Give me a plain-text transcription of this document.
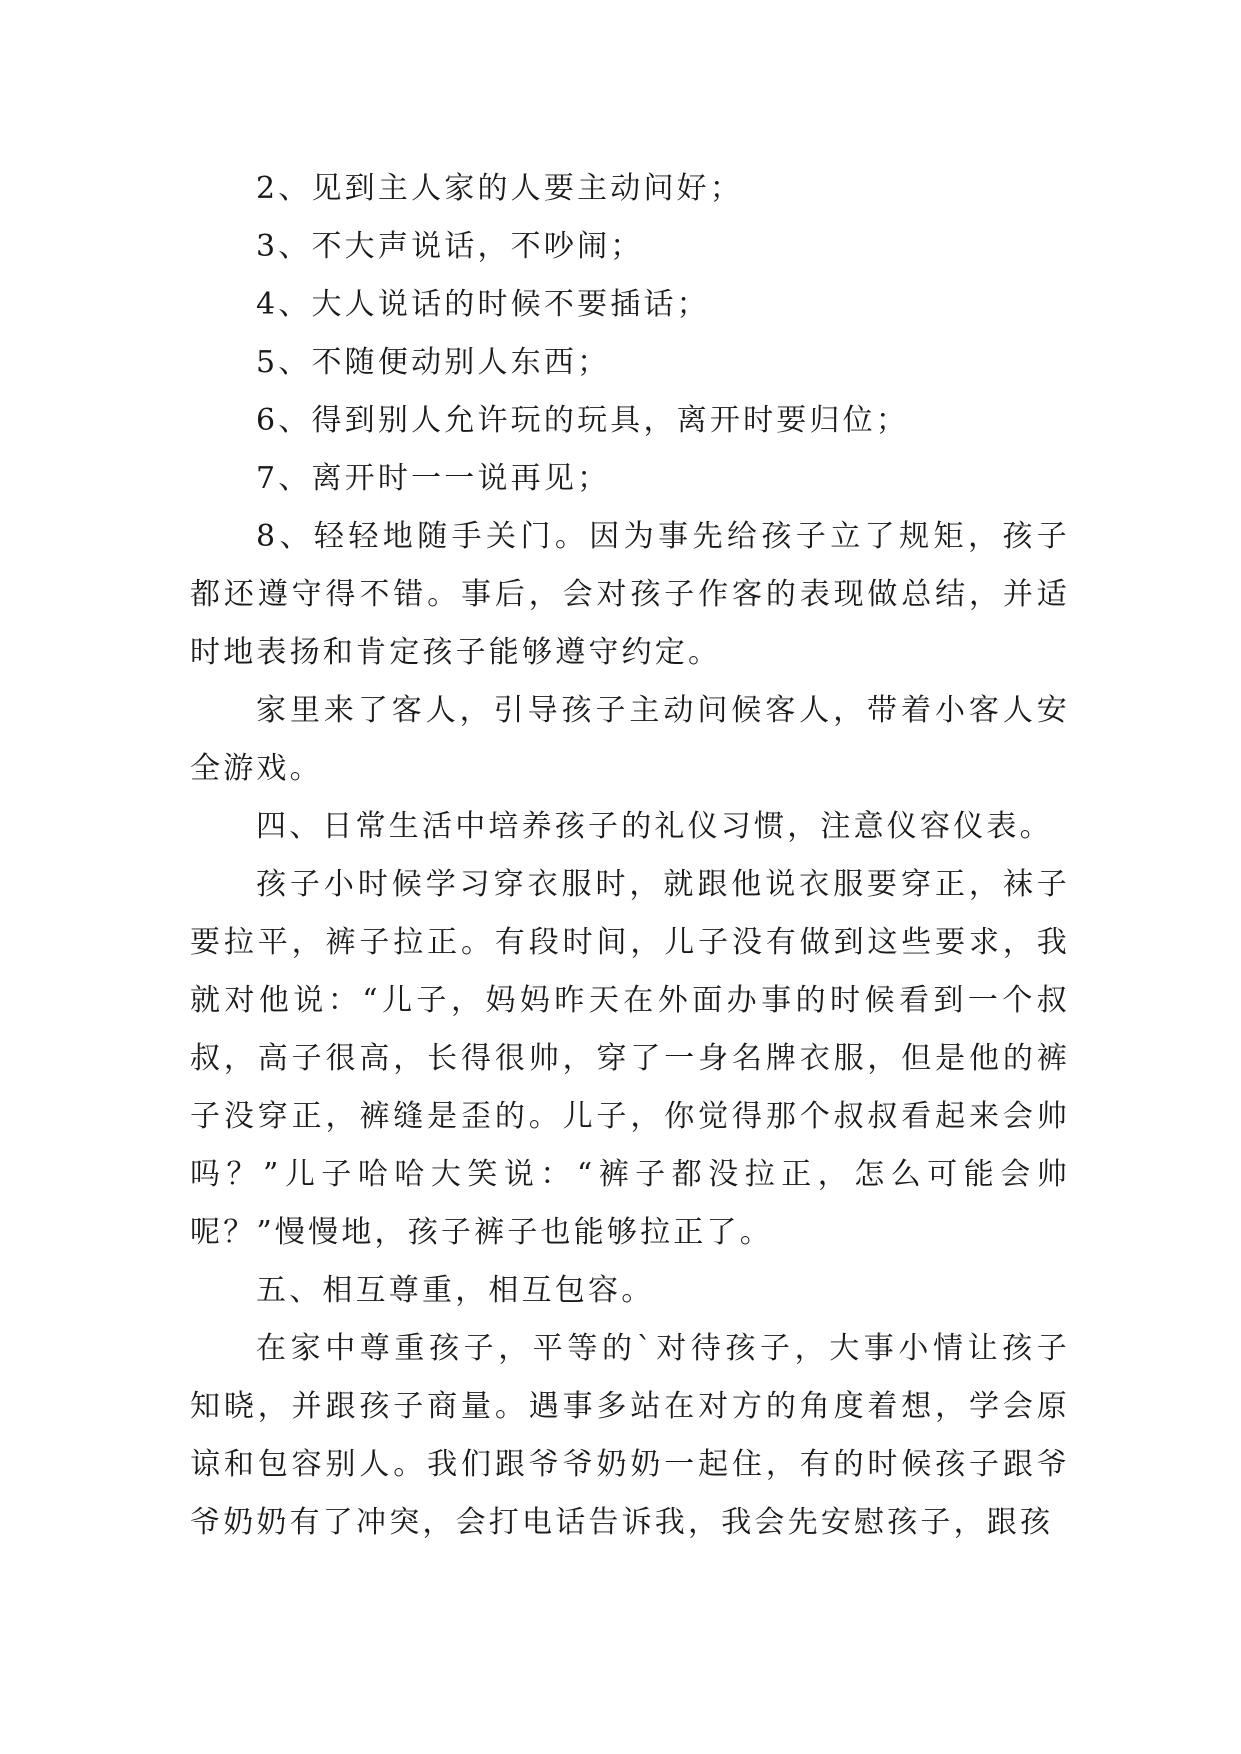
2、见到主人家的人要主动问好；

3、不大声说话，不吵闹；

4、大人说话的时候不要插话；

5、不随便动别人东西；

6、得到别人允许玩的玩具，离开时要归位；

7、离开时一一说再见；

8、轻轻地随手关门。因为事先给孩子立了规矩，孩子都还遵守得不错。事后，会对孩子作客的表现做总结，并适时地表扬和肯定孩子能够遵守约定。

家里来了客人，引导孩子主动问候客人，带着小客人安全游戏。

四、日常生活中培养孩子的礼仪习惯，注意仪容仪表。

孩子小时候学习穿衣服时，就跟他说衣服要穿正，袜子要拉平，裤子拉正。有段时间，儿子没有做到这些要求，我就对他说：“儿子，妈妈昨天在外面办事的时候看到一个叔叔，高子很高，长得很帅，穿了一身名牌衣服，但是他的裤子没穿正，裤缝是歪的。儿子，你觉得那个叔叔看起来会帅吗？”儿子哈哈大笑说：“裤子都没拉正，怎么可能会帅呢？”慢慢地，孩子裤子也能够拉正了。

五、相互尊重，相互包容。

在家中尊重孩子，平等的`对待孩子，大事小情让孩子知晓，并跟孩子商量。遇事多站在对方的角度着想，学会原谅和包容别人。我们跟爷爷奶奶一起住，有的时候孩子跟爷爷奶奶有了冲突，会打电话告诉我，我会先安慰孩子，跟孩
